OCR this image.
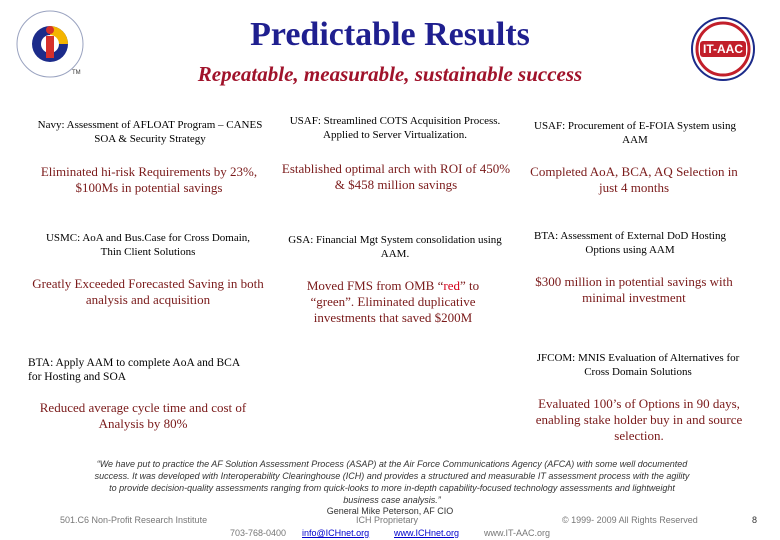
TM
IT-AAC
Predictable Results
Repeatable, measurable, sustainable success
Navy: Assessment of AFLOAT Program – CANES SOA & Security Strategy
USAF: Streamlined COTS Acquisition Process. Applied to Server Virtualization.
USAF: Procurement of E-FOIA System using AAM
Eliminated hi-risk Requirements by 23%, $100Ms in potential savings
Established optimal arch with ROI of 450% & $458 million savings
Completed AoA, BCA, AQ Selection in just 4 months
USMC: AoA and Bus.Case for Cross Domain, Thin Client Solutions
GSA: Financial Mgt System consolidation using AAM.
BTA: Assessment of External DoD Hosting Options using AAM
Greatly Exceeded Forecasted Saving in both analysis and acquisition
Moved FMS from OMB “red” to “green”. Eliminated duplicative investments that saved $200M
$300 million in potential savings with minimal investment
BTA: Apply AAM to complete AoA and BCA for Hosting and SOA
JFCOM: MNIS Evaluation of Alternatives for Cross Domain Solutions
Reduced average cycle time and cost of Analysis by 80%
Evaluated 100’s of Options in 90 days, enabling stake holder buy in and source selection.
“We have put to practice the AF Solution Assessment Process (ASAP) at the Air Force Communications Agency (AFCA) with some well documented success. It was developed with Interoperability Clearinghouse (ICH) and provides a structured and measurable IT assessment process with the agility to provide decision-quality assessments ranging from quick-looks to more in-depth capability-focused technology assessments and lightweight business case analysis.”
General Mike Peterson, AF CIO
501.C6 Non-Profit Research Institute	ICH Proprietary	© 1999- 2009 All Rights Reserved	8
703-768-0400 info@ICHnet.org	www.ICHnet.org	www.IT-AAC.org
